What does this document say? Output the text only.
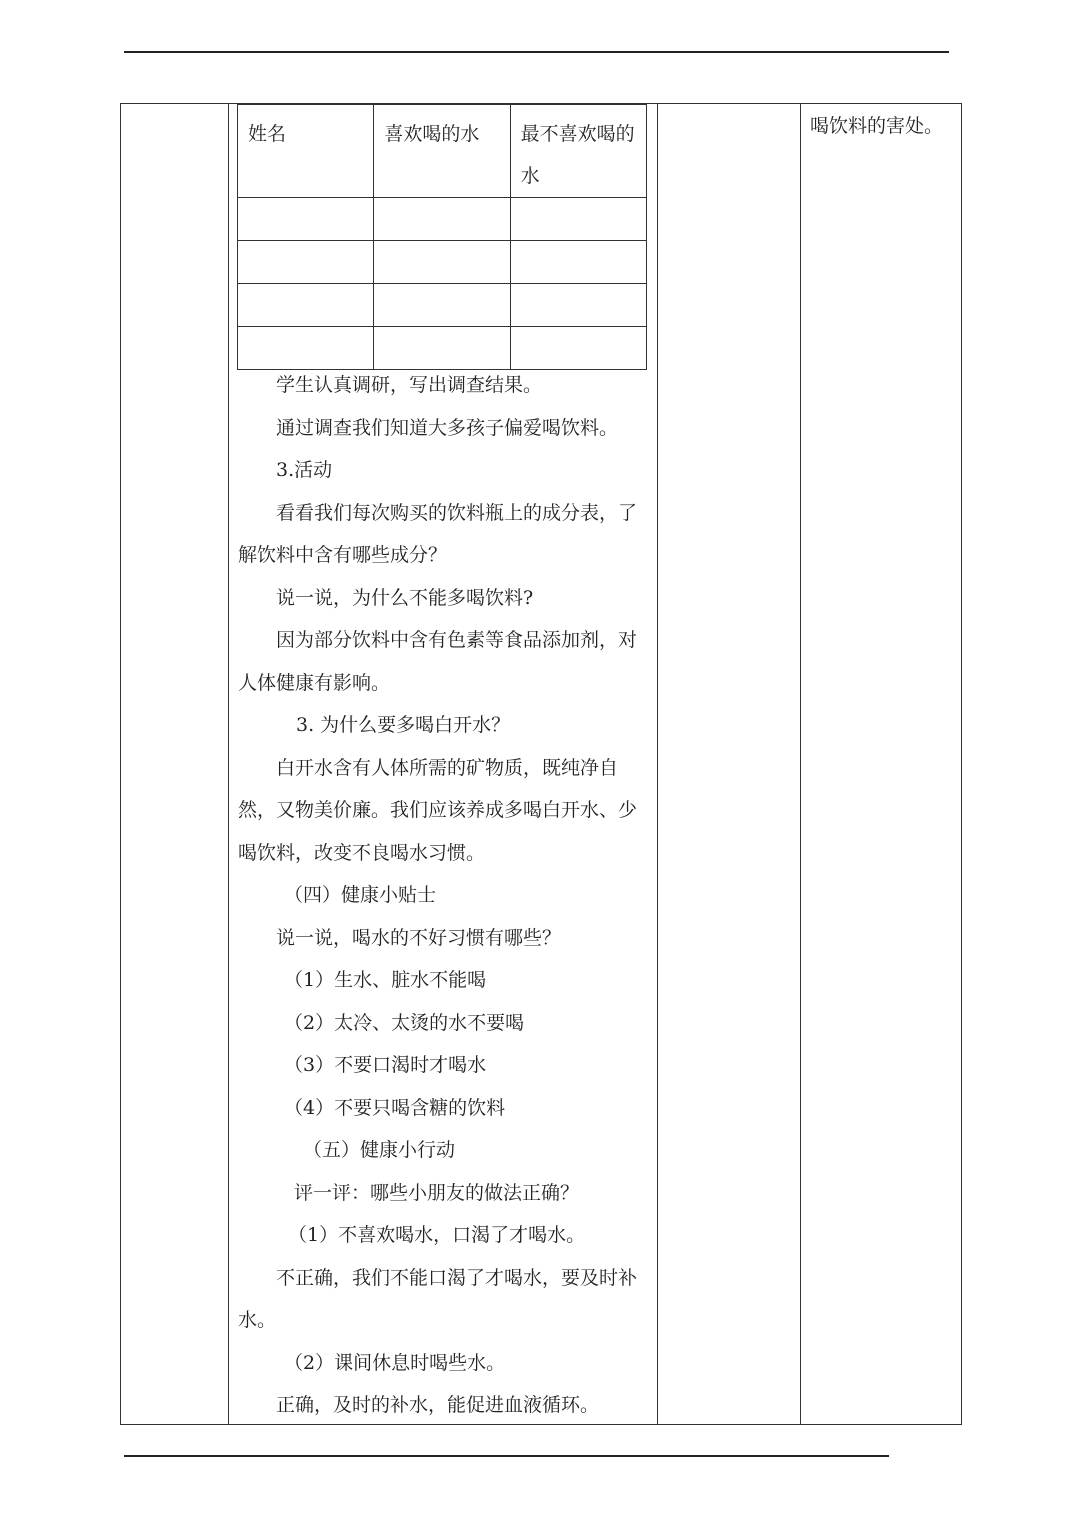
喝饮料的害处。
姓名	喜欢喝的水	最不喜欢喝的水

学生认真调研，写出调查结果。

通过调查我们知道大多孩子偏爱喝饮料。

3.活动

看看我们每次购买的饮料瓶上的成分表，了解饮料中含有哪些成分？

说一说，为什么不能多喝饮料?

因为部分饮料中含有色素等食品添加剂，对人体健康有影响。

3. 为什么要多喝白开水？

白开水含有人体所需的矿物质，既纯净自然，又物美价廉。我们应该养成多喝白开水、少喝饮料，改变不良喝水习惯。

（四）健康小贴士

说一说，喝水的不好习惯有哪些？

（1）生水、脏水不能喝

（2）太冷、太烫的水不要喝

（3）不要口渴时才喝水

（4）不要只喝含糖的饮料

（五）健康小行动

评一评：哪些小朋友的做法正确？

（1）不喜欢喝水，口渴了才喝水。

不正确，我们不能口渴了才喝水，要及时补水。

（2）课间休息时喝些水。

正确，及时的补水，能促进血液循环。
